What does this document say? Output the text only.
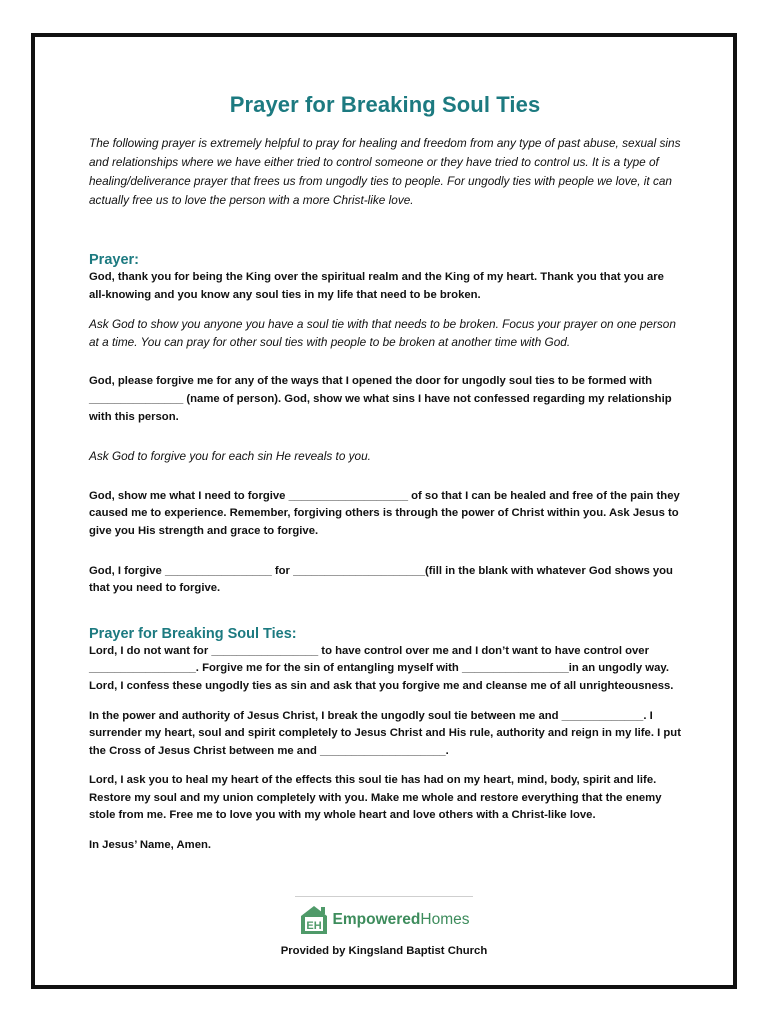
Prayer for Breaking Soul Ties

The following prayer is extremely helpful to pray for healing and freedom from any type of past abuse, sexual sins and relationships where we have either tried to control someone or they have tried to control us. It is a type of healing/deliverance prayer that frees us from ungodly ties to people. For ungodly ties with people we love, it can actually free us to love the person with a more Christ-like love.

Prayer:

God, thank you for being the King over the spiritual realm and the King of my heart. Thank you that you are all-knowing and you know any soul ties in my life that need to be broken.

Ask God to show you anyone you have a soul tie with that needs to be broken. Focus your prayer on one person at a time. You can pray for other soul ties with people to be broken at another time with God.

God, please forgive me for any of the ways that I opened the door for ungodly soul ties to be formed with _______________ (name of person). God, show we what sins I have not confessed regarding my relationship with this person.

Ask God to forgive you for each sin He reveals to you.

God, show me what I need to forgive ___________________ of so that I can be healed and free of the pain they caused me to experience. Remember, forgiving others is through the power of Christ within you. Ask Jesus to give you His strength and grace to forgive.

God, I forgive _________________ for _____________________(fill in the blank with whatever God shows you that you need to forgive.

Prayer for Breaking Soul Ties:

Lord, I do not want for _________________ to have control over me and I don’t want to have control over _________________. Forgive me for the sin of entangling myself with _________________in an ungodly way. Lord, I confess these ungodly ties as sin and ask that you forgive me and cleanse me of all unrighteousness.

In the power and authority of Jesus Christ, I break the ungodly soul tie between me and _____________. I surrender my heart, soul and spirit completely to Jesus Christ and His rule, authority and reign in my life. I put the Cross of Jesus Christ between me and ____________________.

Lord, I ask you to heal my heart of the effects this soul tie has had on my heart, mind, body, spirit and life. Restore my soul and my union completely with you. Make me whole and restore everything that the enemy stole from me. Free me to love you with my whole heart and love others with a Christ-like love.

In Jesus’ Name, Amen.

EH EmpoweredHomes
Provided by Kingsland Baptist Church
